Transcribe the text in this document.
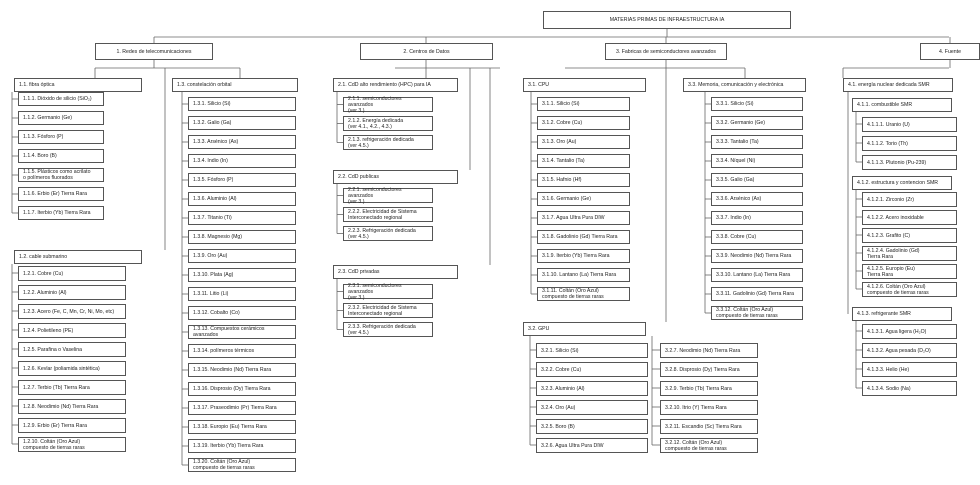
MATERIAS PRIMAS DE INFRAESTRUCTURA IA
1. Redes de telecomunicaciones	2. Centros de Datos	3. Fabricas de semiconductores avanzados	4. Fuente
1.1. fibra óptica
1.1.1. Dióxido de silicio (SiO₂)
1.1.2. Germanio (Ge)
1.1.3. Fósforo (P)
1.1.4. Boro (B)
1.1.5. Plásticos como acrilato
o polímeros fluorados
1.1.6. Erbio (Er) Tierra Rara
1.1.7. Iterbio (Yb) Tierra Rara
1.2. cable submarino
1.2.1. Cobre (Cu)
1.2.2. Aluminio (Al)
1.2.3. Acero (Fe, C, Mn, Cr, Ni, Mo, etc)
1.2.4. Polietileno (PE)
1.2.5. Parafina o Vaselina
1.2.6. Kevlar (poliamida sintética)
1.2.7. Terbio (Tb) Tierra Rara
1.2.8. Neodimio (Nd) Tierra Rara
1.2.9. Erbio (Er) Tierra Rara
1.2.10. Coltán (Oro Azul)
compuesto de tierras raras
1.3. constelación orbital
1.3.1. Silicio (Si)
1.3.2. Galio (Ga)
1.3.3. Arsénico (As)
1.3.4. Indio (In)
1.3.5. Fósforo (P)
1.3.6. Aluminio (Al)
1.3.7. Titanio (Ti)
1.3.8. Magnesio (Mg)
1.3.9. Oro (Au)
1.3.10. Plata (Ag)
1.3.11. Litio (Li)
1.3.12. Cobalto (Co)
1.3.13. Compuestos cerámicos
avanzados
1.3.14. polímeros térmicos
1.3.15. Neodimio (Nd) Tierra Rara
1.3.16. Disprosio (Dy) Tierra Rara
1.3.17. Praseodimio (Pr) Tierra Rara
1.3.18. Europio (Eu) Tierra Rara
1.3.19. Iterbio (Yb) Tierra Rara
1.3.20. Coltán (Oro Azul)
compuesto de tierras raras
2.1. CdD alto rendimiento (HPC) para IA
2.1.1. semiconductores avanzados
(ver 3.)
2.1.2. Energía dedicada
(ver 4.1., 4.2., 4.3.)
2.1.3. refrigeración dedicada
(ver 4.5.)
2.2. CdD publicas
2.2.1. semiconductores avanzados
(ver 3.)
2.2.2. Electricidad de Sistema
Interconectado regional
2.2.3. Refrigeración dedicada
(ver 4.5.)
2.3. CdD privadas
2.3.1. semiconductores avanzados
(ver 3.)
2.3.2. Electricidad de Sistema
Interconectado regional
2.3.3. Refrigeración dedicada
(ver 4.5.)
3.1. CPU
3.1.1. Silicio (Si)
3.1.2. Cobre (Cu)
3.1.3. Oro (Au)
3.1.4. Tantalio (Ta)
3.1.5. Hafnio (Hf)
3.1.6. Germanio (Ge)
3.1.7. Agua Ultra Pura DIW
3.1.8. Gadolinio (Gd) Tierra Rara
3.1.9. Iterbio (Yb) Tierra Rara
3.1.10. Lantano (La) Tierra Rara
3.1.11. Coltán (Oro Azul)
compuesto de tierras raras
3.2. GPU
3.2.1. Silicio (Si)
3.2.2. Cobre (Cu)
3.2.3. Aluminio (Al)
3.2.4. Oro (Au)
3.2.5. Boro (B)
3.2.6. Agua Ultra Pura DIW
3.2.7. Neodimio (Nd) Tierra Rara
3.2.8. Disprosio (Dy) Tierra Rara
3.2.9. Terbio (Tb) Tierra Rara
3.2.10. Itrio (Y) Tierra Rara
3.2.11. Escandio (Sc) Tierra Rara
3.2.12. Coltán (Oro Azul)
compuesto de tierras raras
3.3. Memoria, comunicación y electrónica
3.3.1. Silicio (Si)
3.3.2. Germanio (Ge)
3.3.3. Tantalio (Ta)
3.3.4. Níquel (Ni)
3.3.5. Galio (Ga)
3.3.6. Arsénico (As)
3.3.7. Indio (In)
3.3.8. Cobre (Cu)
3.3.9. Neodimio (Nd) Tierra Rara
3.3.10. Lantano (La) Tierra Rara
3.3.11. Gadolinio (Gd) Tierra Rara
3.3.12. Coltán (Oro Azul)
compuesto de tierras raras
4.1. energía nuclear dedicada SMR
4.1.1. combustible SMR
4.1.1.1. Uranio (U)
4.1.1.2. Torio (Th)
4.1.1.3. Plutonio (Pu-239)
4.1.2. estructura y contencion SMR
4.1.2.1. Zirconio (Zr)
4.1.2.2. Acero inoxidable
4.1.2.3. Grafito (C)
4.1.2.4. Gadolinio (Gd)
Tierra Rara
4.1.2.5. Europio (Eu)
Tierra Rara
4.1.2.6. Coltán (Oro Azul)
compuesto de tierras raras
4.1.3. refrigerante SMR
4.1.3.1. Agua ligera (H₂O)
4.1.3.2. Agua pesada (D₂O)
4.1.3.3. Helio (He)
4.1.3.4. Sodio (Na)
